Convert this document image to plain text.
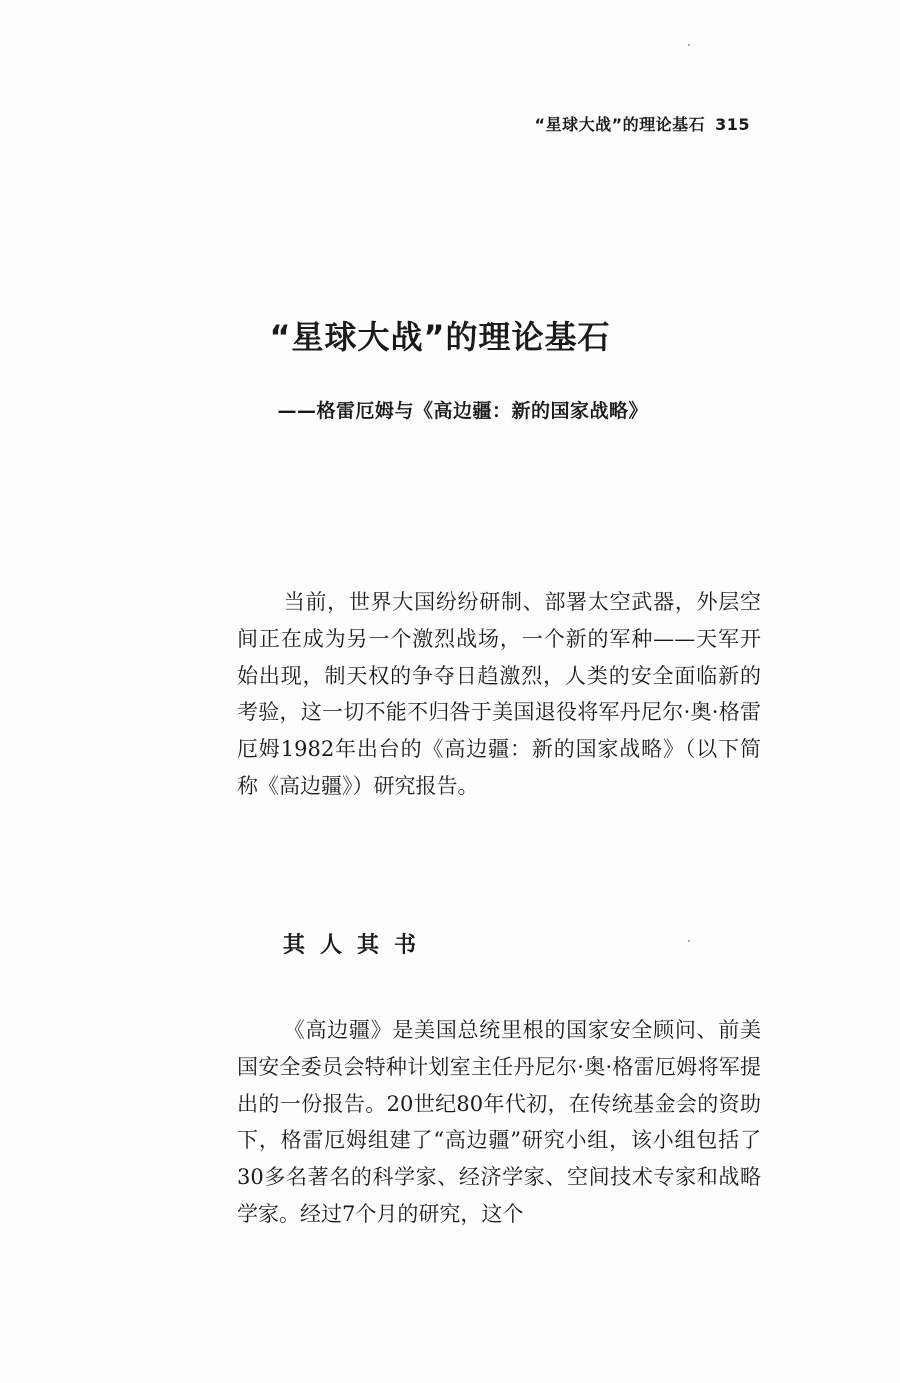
“星球大战”的理论基石 315
“星球大战”的理论基石
——格雷厄姆与《高边疆：新的国家战略》

当前，世界大国纷纷研制、部署太空武器，外层空间正在成为另一个激烈战场，一个新的军种——天军开始出现，制天权的争夺日趋激烈，人类的安全面临新的考验，这一切不能不归咎于美国退役将军丹尼尔·奥·格雷厄姆1982年出台的《高边疆：新的国家战略》（以下简称《高边疆》）研究报告。

其人其书

《高边疆》是美国总统里根的国家安全顾问、前美国安全委员会特种计划室主任丹尼尔·奥·格雷厄姆将军提出的一份报告。20世纪80年代初，在传统基金会的资助下，格雷厄姆组建了“高边疆”研究小组，该小组包括了30多名著名的科学家、经济学家、空间技术专家和战略学家。经过7个月的研究，这个
